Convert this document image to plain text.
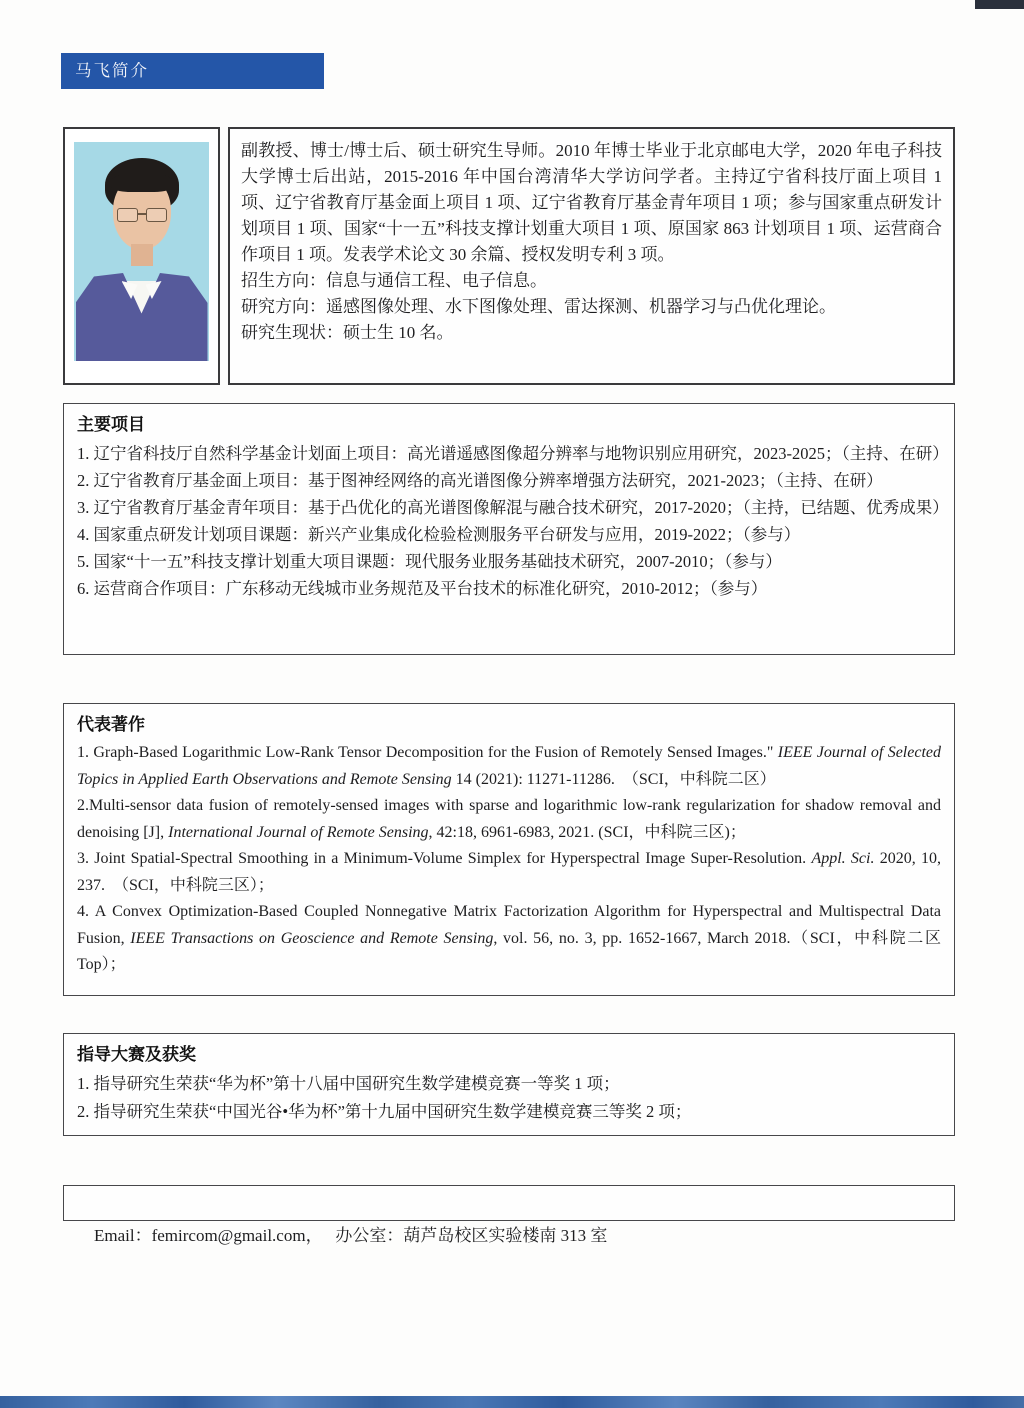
马飞简介

副教授、博士/博士后、硕士研究生导师。2010 年博士毕业于北京邮电大学，2020 年电子科技大学博士后出站，2015-2016 年中国台湾清华大学访问学者。主持辽宁省科技厅面上项目 1 项、辽宁省教育厅基金面上项目 1 项、辽宁省教育厅基金青年项目 1 项；参与国家重点研发计划项目 1 项、国家“十一五”科技支撑计划重大项目 1 项、原国家 863 计划项目 1 项、运营商合作项目 1 项。发表学术论文 30 余篇、授权发明专利 3 项。

招生方向：信息与通信工程、电子信息。

研究方向：遥感图像处理、水下图像处理、雷达探测、机器学习与凸优化理论。

研究生现状：硕士生 10 名。

主要项目
1. 辽宁省科技厅自然科学基金计划面上项目：高光谱遥感图像超分辨率与地物识别应用研究，2023-2025；（主持、在研）
2. 辽宁省教育厅基金面上项目：基于图神经网络的高光谱图像分辨率增强方法研究，2021-2023；（主持、在研）
3. 辽宁省教育厅基金青年项目：基于凸优化的高光谱图像解混与融合技术研究，2017-2020；（主持，已结题、优秀成果）
4. 国家重点研发计划项目课题：新兴产业集成化检验检测服务平台研发与应用，2019-2022；（参与）
5. 国家“十一五”科技支撑计划重大项目课题：现代服务业服务基础技术研究，2007-2010；（参与）
6. 运营商合作项目：广东移动无线城市业务规范及平台技术的标准化研究，2010-2012；（参与）
代表著作
1. Graph-Based Logarithmic Low-Rank Tensor Decomposition for the Fusion of Remotely Sensed Images." IEEE Journal of Selected Topics in Applied Earth Observations and Remote Sensing 14 (2021): 11271-11286.　（SCI，中科院二区）
2.Multi-sensor data fusion of remotely-sensed images with sparse and logarithmic low-rank regularization for shadow removal and denoising [J], International Journal of Remote Sensing, 42:18, 6961-6983, 2021. (SCI，中科院三区)；
3. Joint Spatial-Spectral Smoothing in a Minimum-Volume Simplex for Hyperspectral Image Super-Resolution. Appl. Sci. 2020, 10, 237.　（SCI，中科院三区）；
4. A Convex Optimization-Based Coupled Nonnegative Matrix Factorization Algorithm for Hyperspectral and Multispectral Data Fusion, IEEE Transactions on Geoscience and Remote Sensing, vol. 56, no. 3, pp. 1652-1667, March 2018.（SCI，中科院二区 Top）；
指导大赛及获奖
1. 指导研究生荣获“华为杯”第十八届中国研究生数学建模竞赛一等奖 1 项；
2. 指导研究生荣获“中国光谷•华为杯”第十九届中国研究生数学建模竞赛三等奖 2 项；

Email：femircom@gmail.com，　 办公室：葫芦岛校区实验楼南 313 室
